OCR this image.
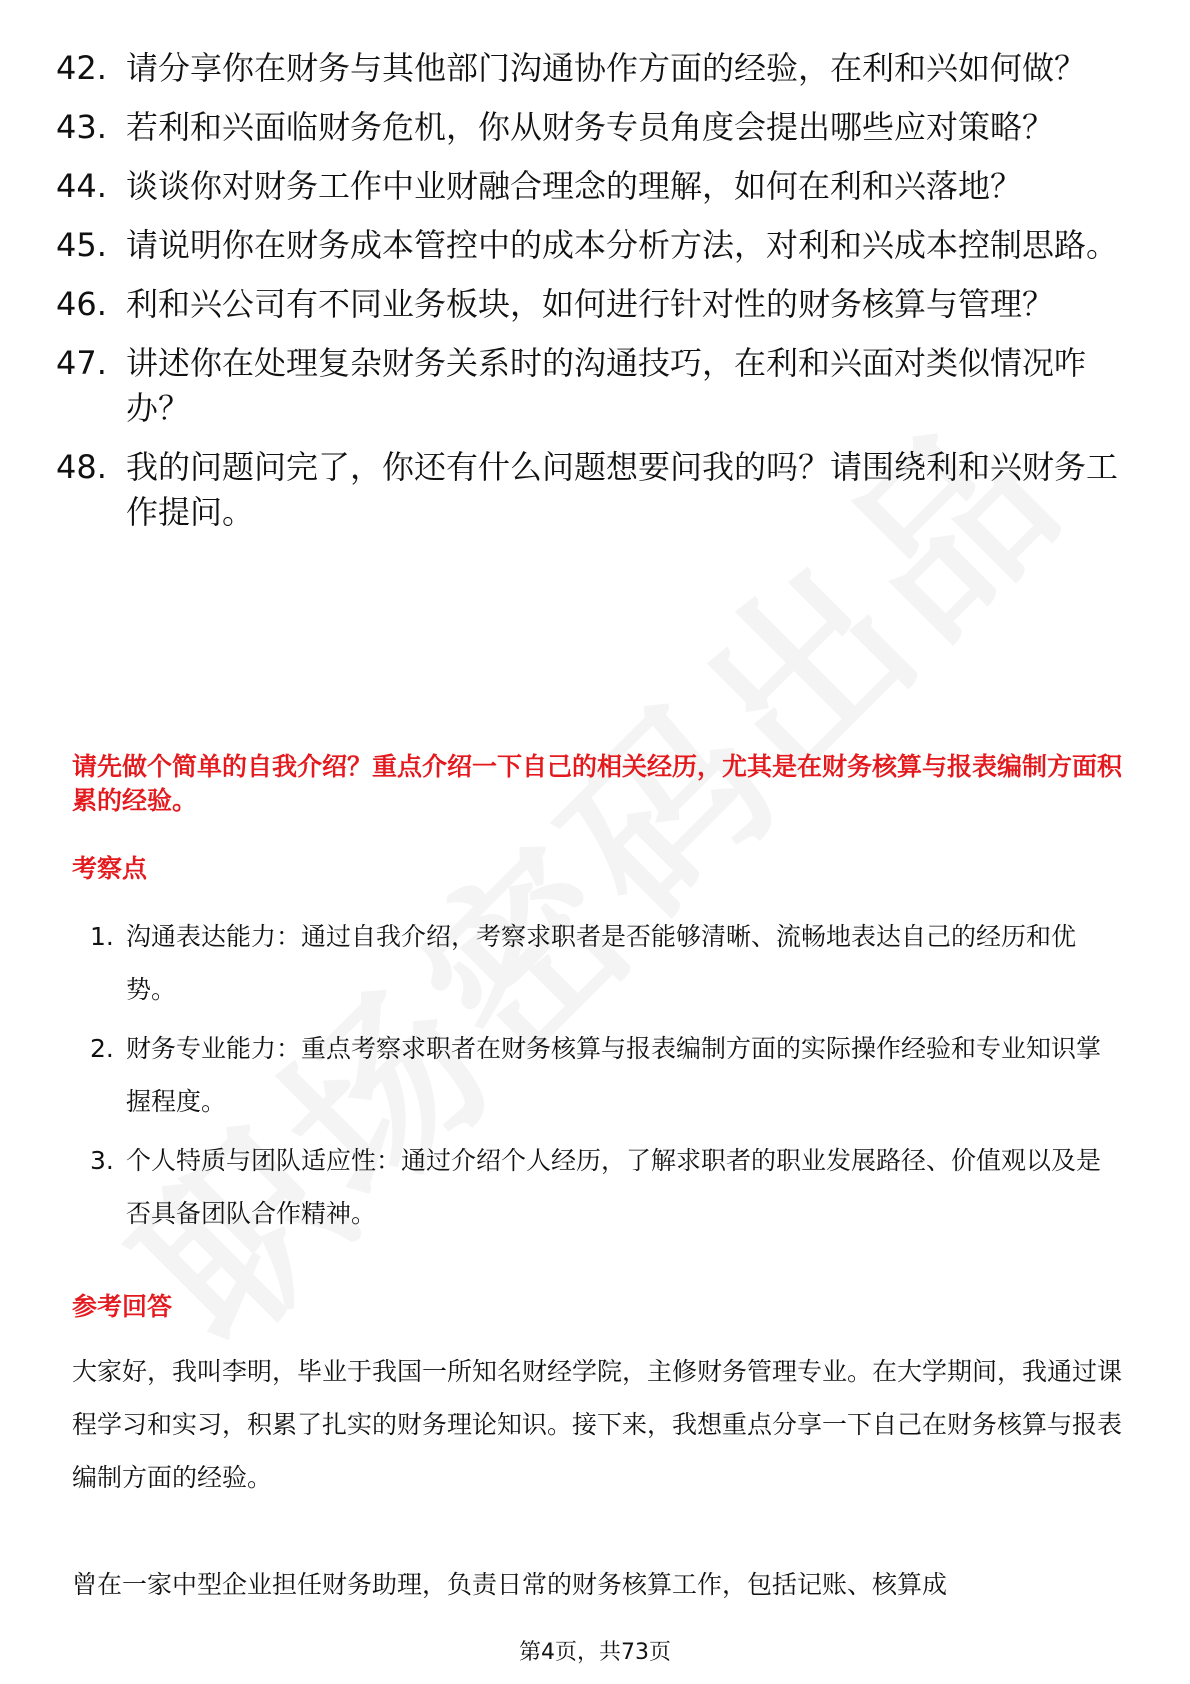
42. 请分享你在财务与其他部门沟通协作方面的经验，在利和兴如何做？
43. 若利和兴面临财务危机，你从财务专员角度会提出哪些应对策略？
44. 谈谈你对财务工作中业财融合理念的理解，如何在利和兴落地？
45. 请说明你在财务成本管控中的成本分析方法，对利和兴成本控制思路。
46. 利和兴公司有不同业务板块，如何进行针对性的财务核算与管理？
47. 讲述你在处理复杂财务关系时的沟通技巧，在利和兴面对类似情况咋办？
48. 我的问题问完了，你还有什么问题想要问我的吗？请围绕利和兴财务工作提问。
请先做个简单的自我介绍？重点介绍一下自己的相关经历，尤其是在财务核算与报表编制方面积累的经验。
考察点
1. 沟通表达能力：通过自我介绍，考察求职者是否能够清晰、流畅地表达自己的经历和优势。
2. 财务专业能力：重点考察求职者在财务核算与报表编制方面的实际操作经验和专业知识掌握程度。
3. 个人特质与团队适应性：通过介绍个人经历，了解求职者的职业发展路径、价值观以及是否具备团队合作精神。
参考回答
大家好，我叫李明，毕业于我国一所知名财经学院，主修财务管理专业。在大学期间，我通过课程学习和实习，积累了扎实的财务理论知识。接下来，我想重点分享一下自己在财务核算与报表编制方面的经验。
曾在一家中型企业担任财务助理，负责日常的财务核算工作，包括记账、核算成
第4页，共73页
